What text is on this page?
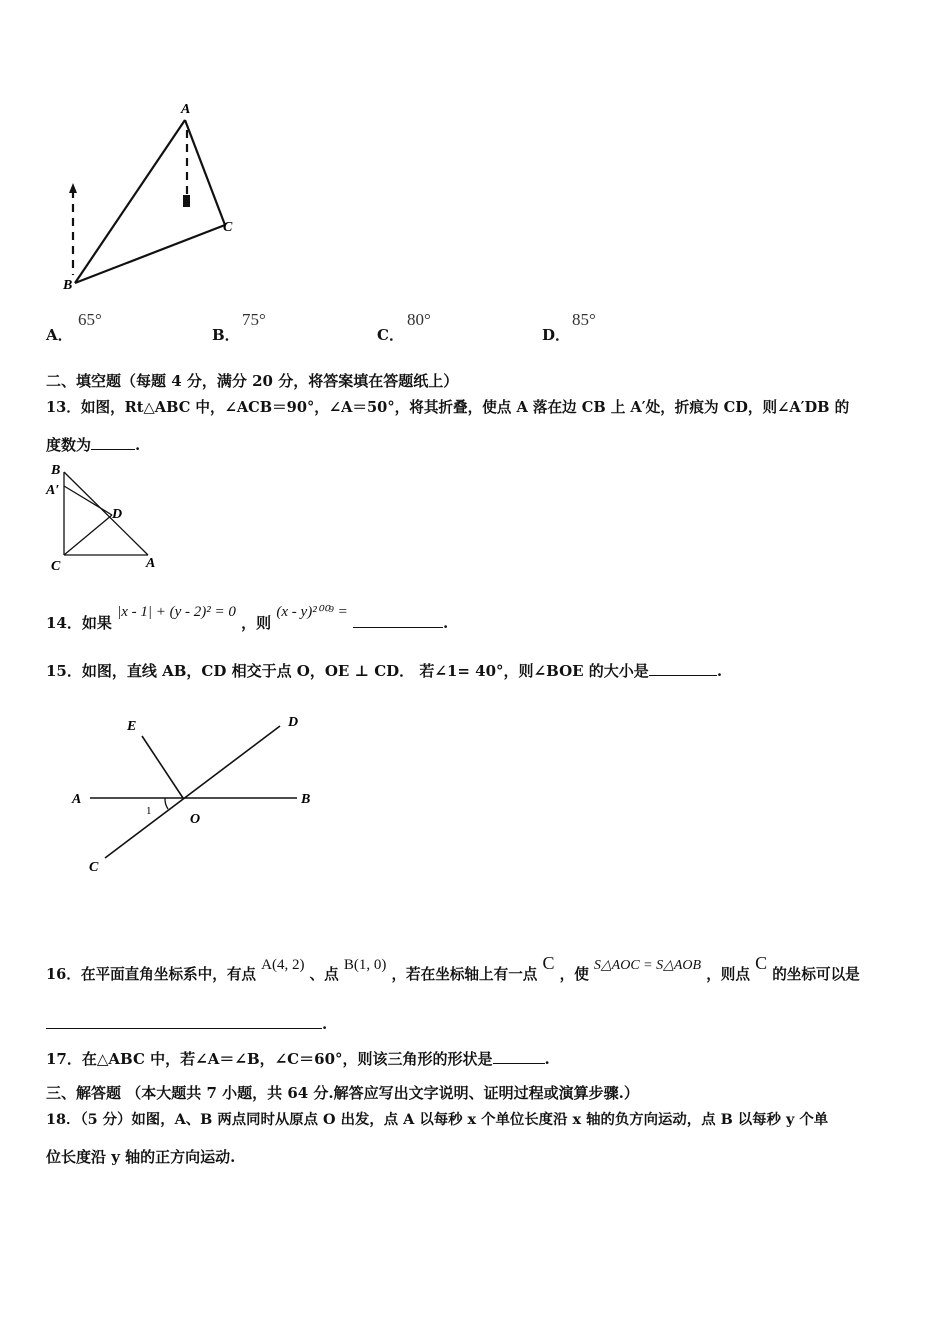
A
B
C
A．
65°
B．
75°
C．
80°
D．
85°
二、填空题（每题 4 分，满分 20 分，将答案填在答题纸上）
13．如图，Rt△ABC 中，∠ACB＝90°，∠A＝50°，将其折叠，使点 A 落在边 CB 上 A′处，折痕为 CD，则∠A′DB 的
度数为	.
B
A′
D
C	A
14．如果 |x - 1| + (y - 2)² = 0 ，则 (x - y)²⁰⁰⁹ = .
15．如图，直线 AB，CD 相交于点 O，OE ⊥ CD． 若∠1= 40°，则∠BOE 的大小是	.
E	D
A	B
O
C
1
16．在平面直角坐标系中，有点 A(4, 2) 、点 B(1, 0) ，若在坐标轴上有一点 C ，使 S△AOC = S△AOB ，则点 C 的坐标可以是
.
17．在△ABC 中，若∠A＝∠B，∠C＝60°，则该三角形的形状是	.
三、解答题 （本大题共 7 小题，共 64 分.解答应写出文字说明、证明过程或演算步骤.）
18．（5 分）如图，A、B 两点同时从原点 O 出发，点 A 以每秒 x 个单位长度沿 x 轴的负方向运动，点 B 以每秒 y 个单
位长度沿 y 轴的正方向运动.
